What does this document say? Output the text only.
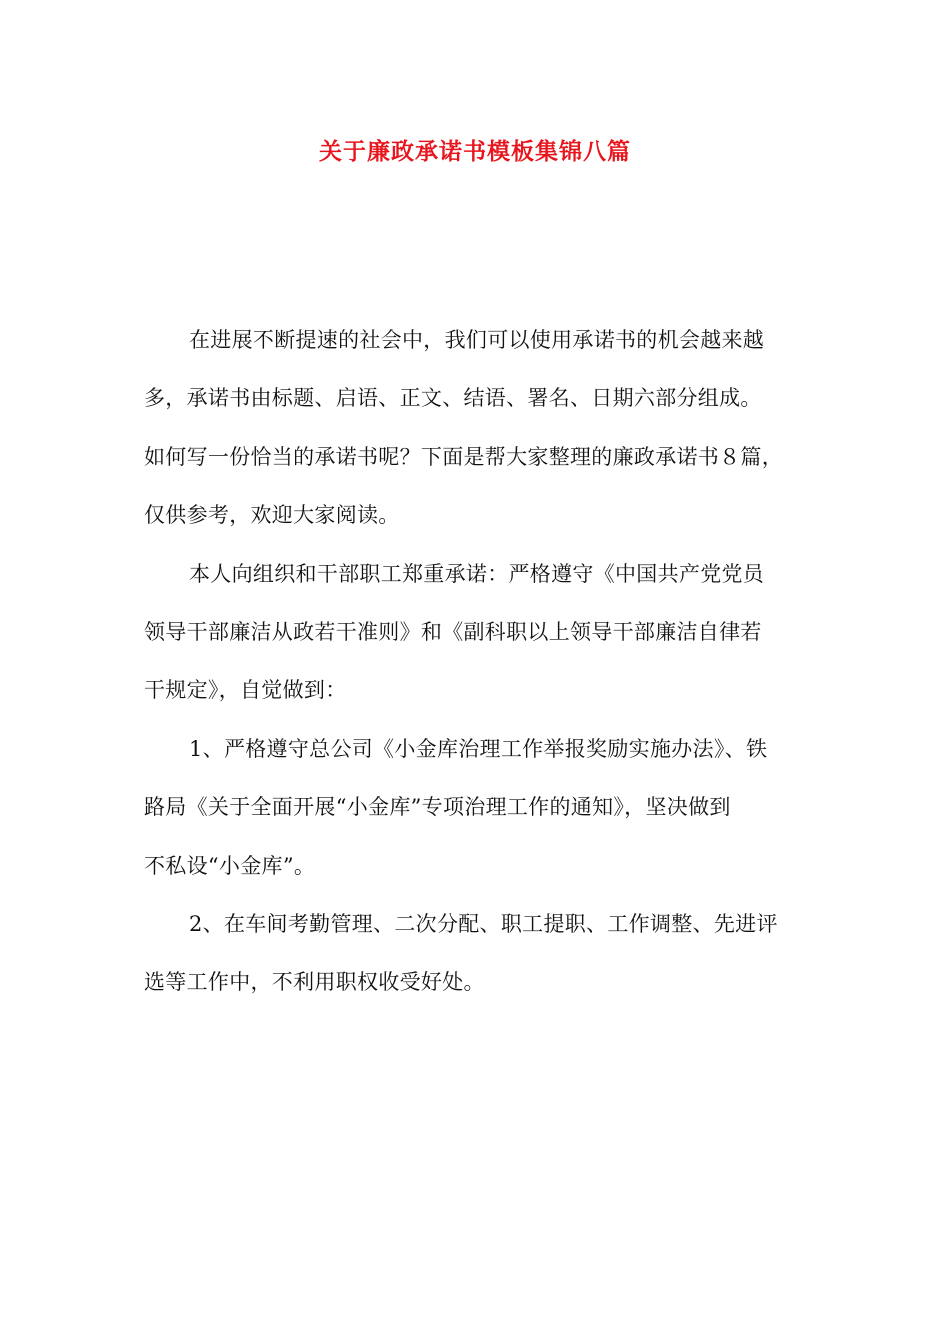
关于廉政承诺书模板集锦八篇
在进展不断提速的社会中，我们可以使用承诺书的机会越来越
多，承诺书由标题、启语、正文、结语、署名、日期六部分组成。
如何写一份恰当的承诺书呢？下面是帮大家整理的廉政承诺书８篇，
仅供参考，欢迎大家阅读。
本人向组织和干部职工郑重承诺：严格遵守《中国共产党党员
领导干部廉洁从政若干准则》和《副科职以上领导干部廉洁自律若
干规定》，自觉做到：
1、严格遵守总公司《小金库治理工作举报奖励实施办法》、铁
路局《关于全面开展“小金库”专项治理工作的通知》，坚决做到
不私设“小金库”。
2、在车间考勤管理、二次分配、职工提职、工作调整、先进评
选等工作中，不利用职权收受好处。
